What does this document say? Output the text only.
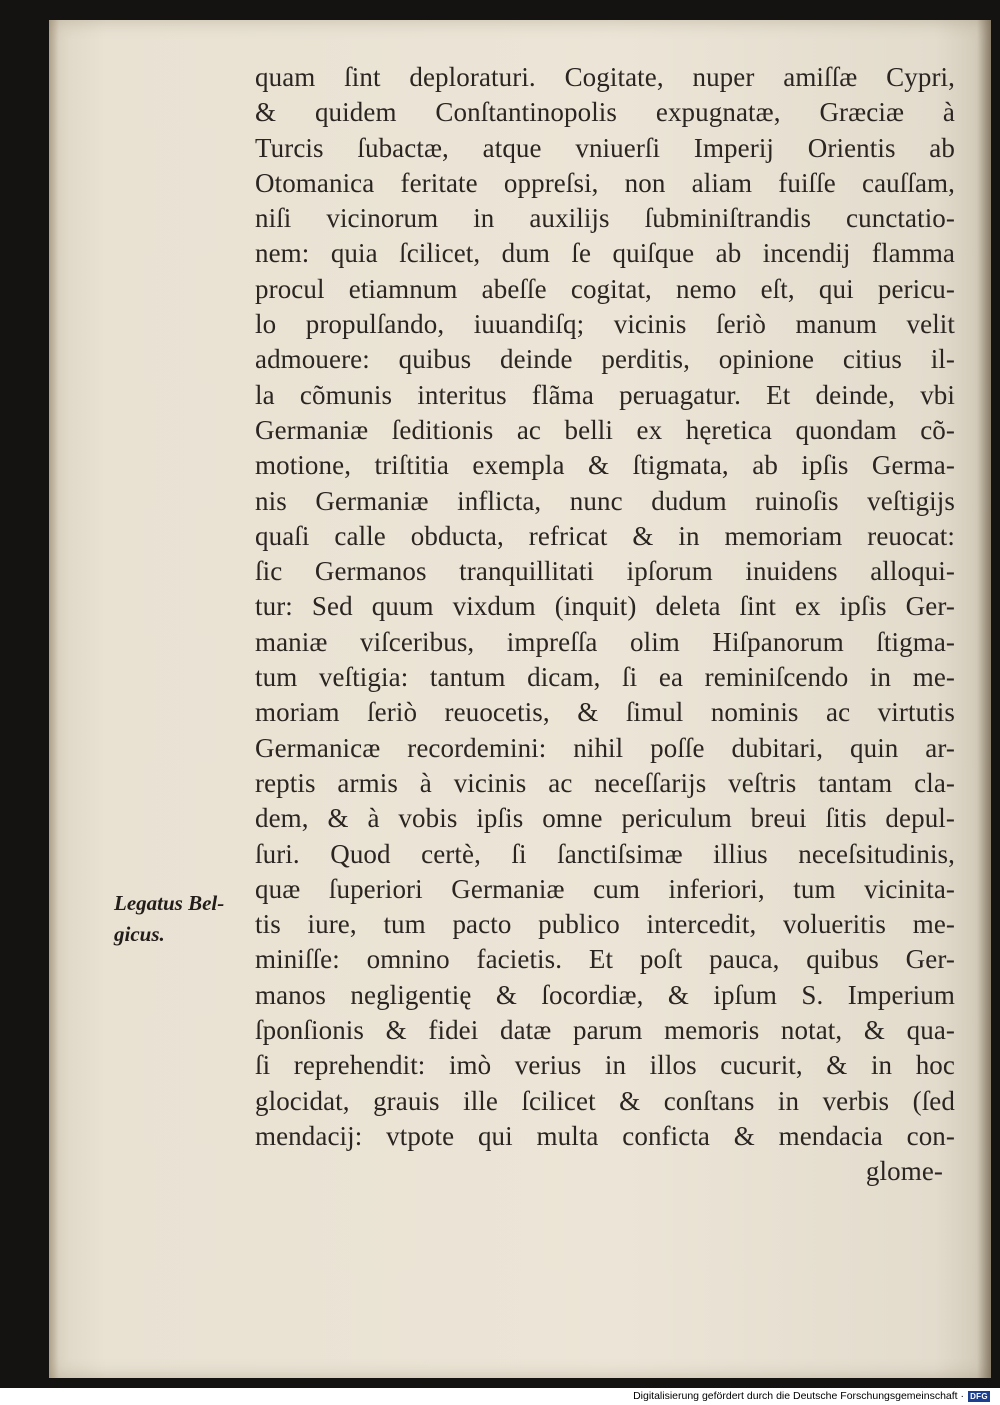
Legatus Bel-
gicus.
quam ſint deploraturi. Cogitate, nuper amiſſæ Cypri,
& quidem Conſtantinopolis expugnatæ, Græciæ à
Turcis ſubactæ, atque vniuerſi Imperij Orientis ab
Otomanica feritate oppreſsi, non aliam fuiſſe cauſſam,
niſi vicinorum in auxilijs ſubminiſtrandis cunctatio-
nem: quia ſcilicet, dum ſe quiſque ab incendij flamma
procul etiamnum abeſſe cogitat, nemo eſt, qui pericu-
lo propulſando, iuuandiſq; vicinis ſeriò manum velit
admouere: quibus deinde perditis, opinione citius il-
la cõmunis interitus flãma peruagatur. Et deinde, vbi
Germaniæ ſeditionis ac belli ex hęretica quondam cõ-
motione, triſtitia exempla & ſtigmata, ab ipſis Germa-
nis Germaniæ inflicta, nunc dudum ruinoſis veſtigijs
quaſi calle obducta, refricat & in memoriam reuocat:
ſic Germanos tranquillitati ipſorum inuidens alloqui-
tur: Sed quum vixdum (inquit) deleta ſint ex ipſis Ger-
maniæ viſceribus, impreſſa olim Hiſpanorum ſtigma-
tum veſtigia: tantum dicam, ſi ea reminiſcendo in me-
moriam ſeriò reuocetis, & ſimul nominis ac virtutis
Germanicæ recordemini: nihil poſſe dubitari, quin ar-
reptis armis à vicinis ac neceſſarijs veſtris tantam cla-
dem, & à vobis ipſis omne periculum breui ſitis depul-
ſuri. Quod certè, ſi ſanctiſsimæ illius neceſsitudinis,
quæ ſuperiori Germaniæ cum inferiori, tum vicinita-
tis iure, tum pacto publico intercedit, volueritis me-
miniſſe: omnino facietis. Et poſt pauca, quibus Ger-
manos negligentię & ſocordiæ, & ipſum S. Imperium
ſponſionis & fidei datæ parum memoris notat, & qua-
ſi reprehendit: imò verius in illos cucurit, & in hoc
glocidat, grauis ille ſcilicet & conſtans in verbis (ſed
mendacij: vtpote qui multa conficta & mendacia con-
glome-
Digitalisierung gefördert durch die Deutsche Forschungsgemeinschaft · DFG
